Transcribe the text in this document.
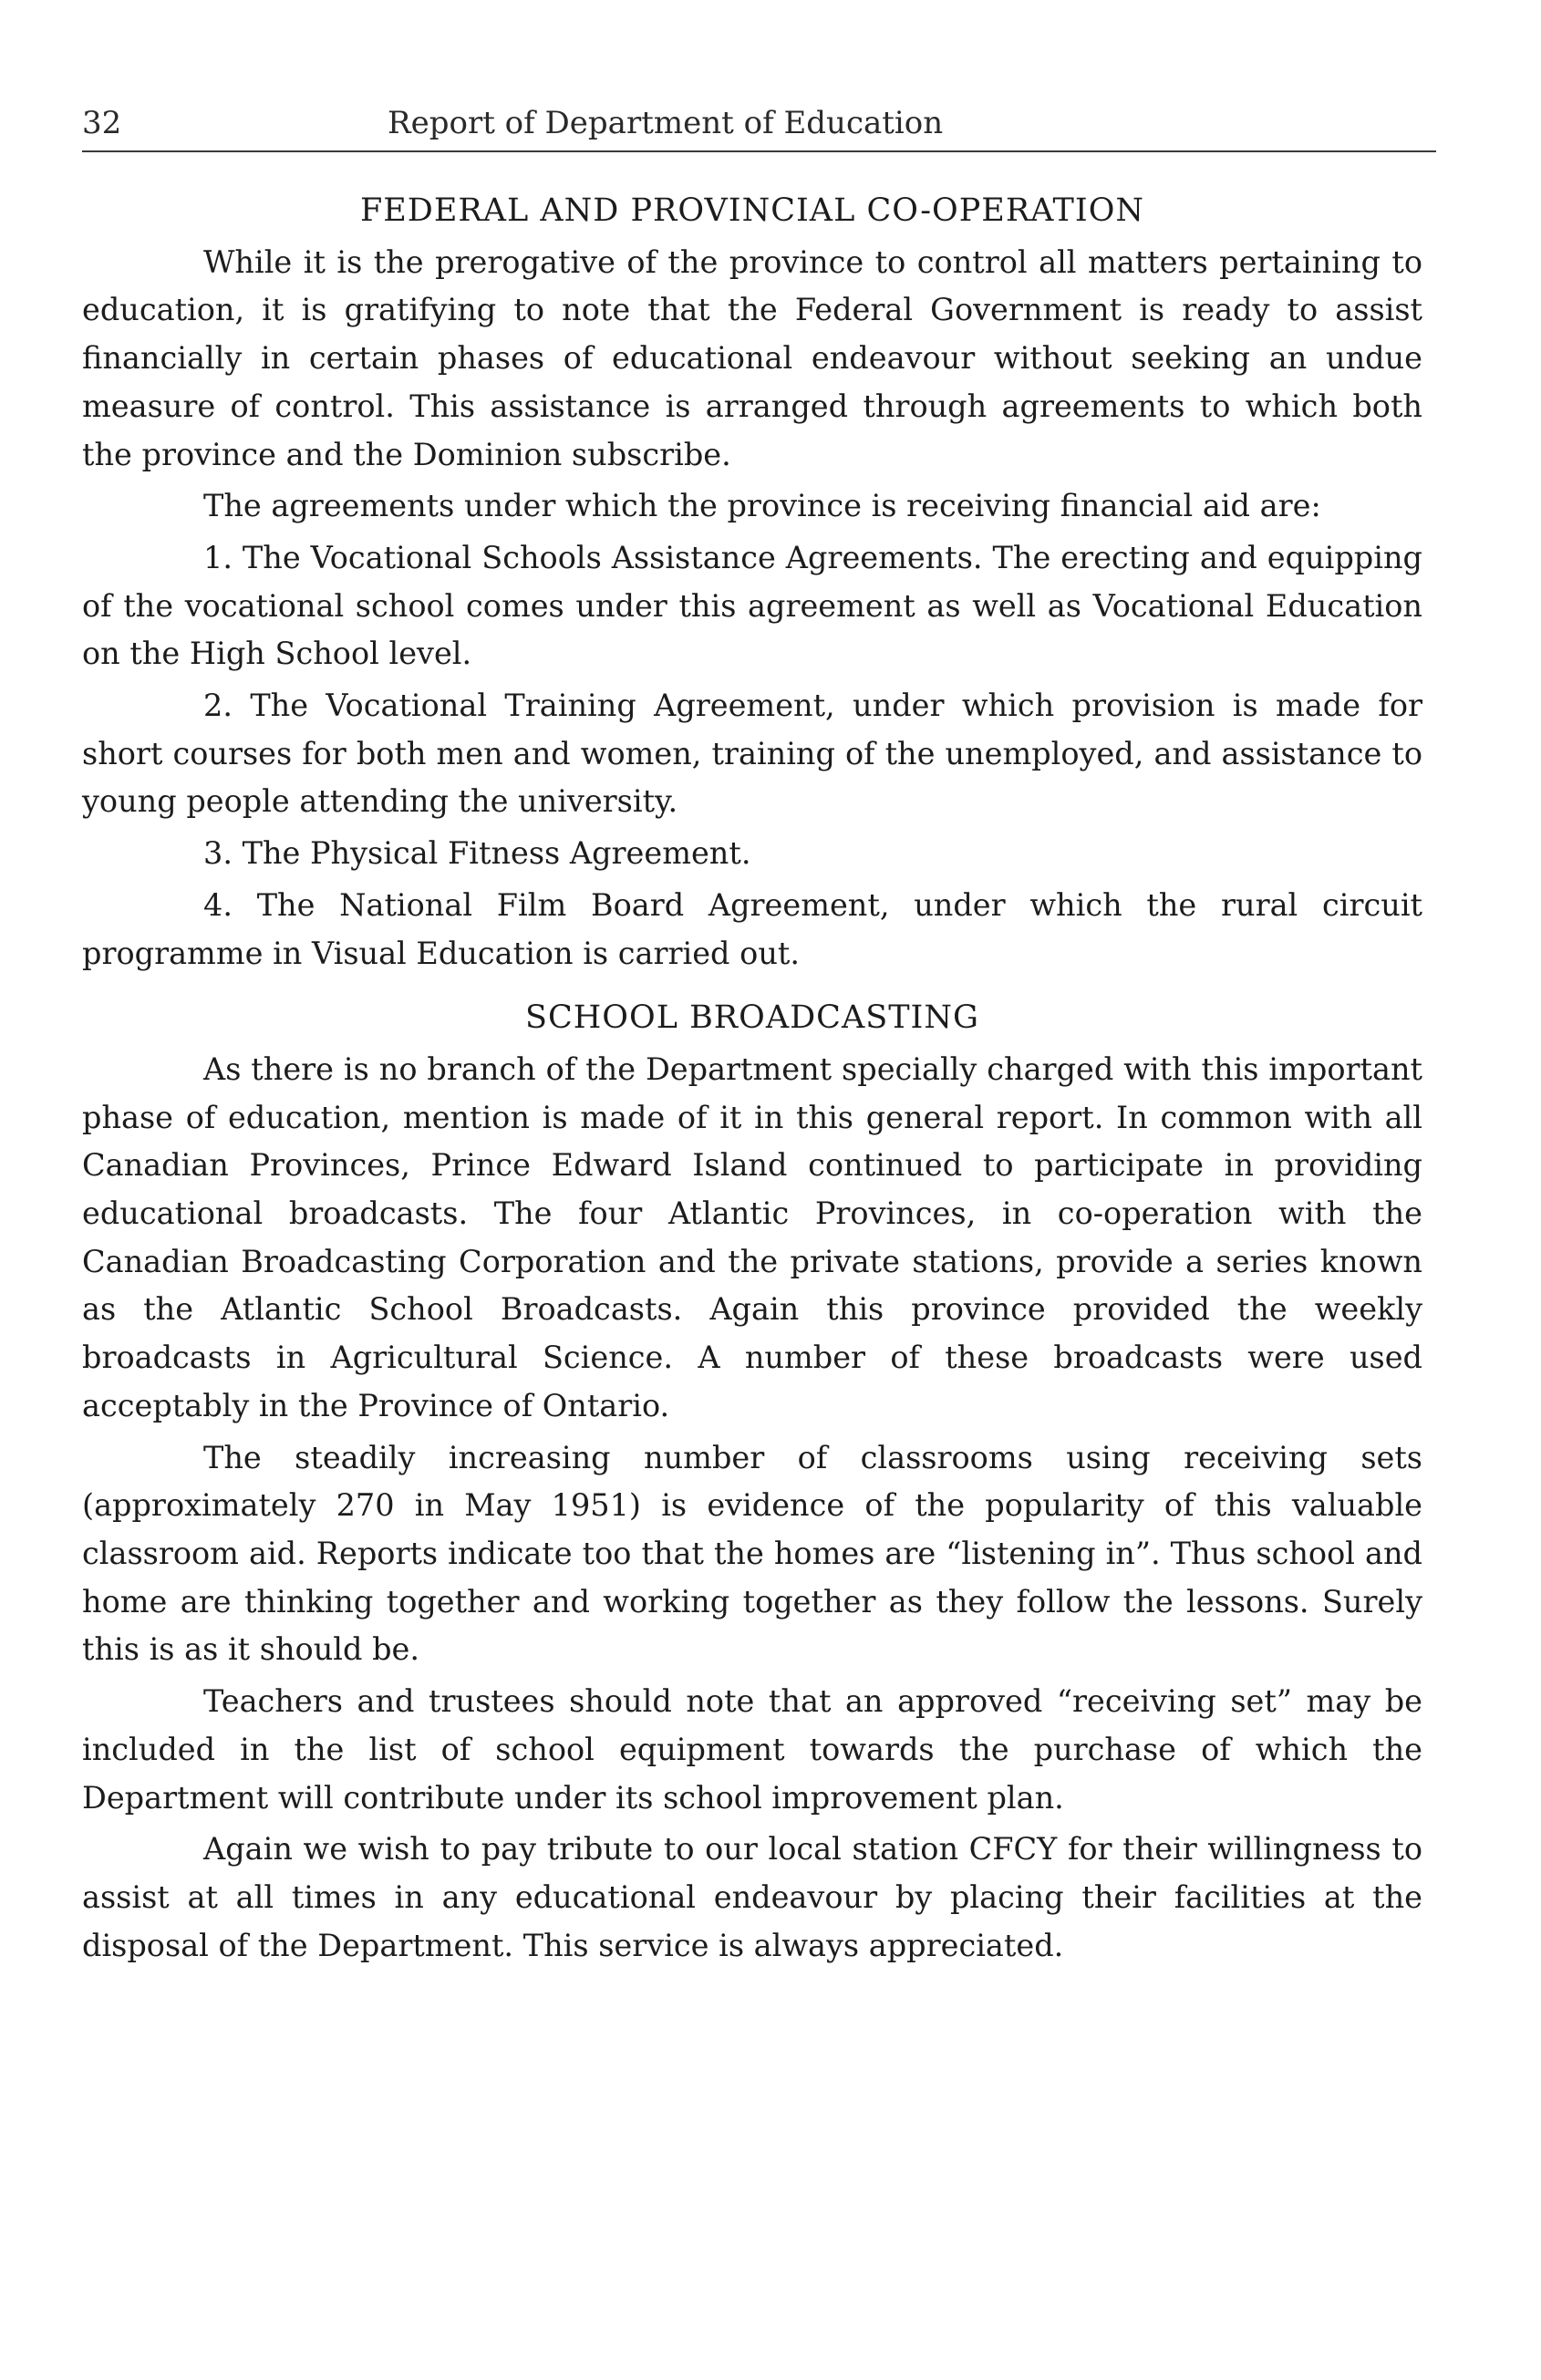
32	Report of Department of Education

FEDERAL AND PROVINCIAL CO-OPERATION

While it is the prerogative of the province to control all matters pertaining to education, it is gratifying to note that the Federal Government is ready to assist financially in certain phases of educational endeavour without seeking an undue measure of control. This assistance is arranged through agreements to which both the province and the Dominion subscribe.

The agreements under which the province is receiving financial aid are:

1. The Vocational Schools Assistance Agreements. The erecting and equipping of the vocational school comes under this agreement as well as Vocational Education on the High School level.

2. The Vocational Training Agreement, under which provision is made for short courses for both men and women, training of the unemployed, and assistance to young people attending the university.

3. The Physical Fitness Agreement.

4. The National Film Board Agreement, under which the rural circuit programme in Visual Education is carried out.

SCHOOL BROADCASTING

As there is no branch of the Department specially charged with this important phase of education, mention is made of it in this general report. In common with all Canadian Provinces, Prince Edward Island continued to participate in providing educational broadcasts. The four Atlantic Provinces, in co-operation with the Canadian Broadcasting Corporation and the private stations, provide a series known as the Atlantic School Broadcasts. Again this province provided the weekly broadcasts in Agricultural Science. A number of these broadcasts were used acceptably in the Province of Ontario.

The steadily increasing number of classrooms using receiving sets (approximately 270 in May 1951) is evidence of the popularity of this valuable classroom aid. Reports indicate too that the homes are “listening in”. Thus school and home are thinking together and working together as they follow the lessons. Surely this is as it should be.

Teachers and trustees should note that an approved “receiving set” may be included in the list of school equipment towards the purchase of which the Department will contribute under its school improvement plan.

Again we wish to pay tribute to our local station CFCY for their willingness to assist at all times in any educational endeavour by placing their facilities at the disposal of the Department. This service is always appreciated.
